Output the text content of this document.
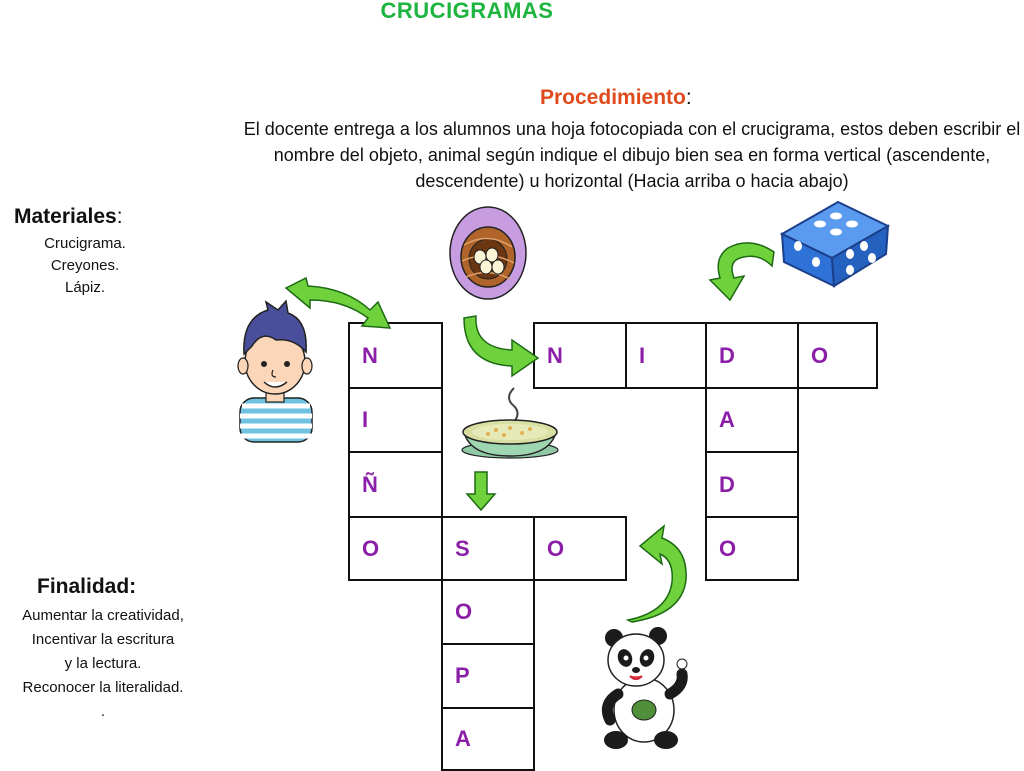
CRUCIGRAMAS
Procedimiento:
El docente entrega a los alumnos una hoja fotocopiada con el crucigrama, estos deben escribir el nombre del objeto, animal según indique el dibujo bien sea en forma vertical (ascendente, descendente) u horizontal (Hacia arriba o hacia abajo)
Materiales:
Crucigrama.
Creyones.
Lápiz.
Finalidad:
Aumentar la creatividad,
Incentivar la escritura
y la lectura.
Reconocer la literalidad.
.
N
I
Ñ
O
N	I	D	O
A
D
O
S	O
O
P
A
